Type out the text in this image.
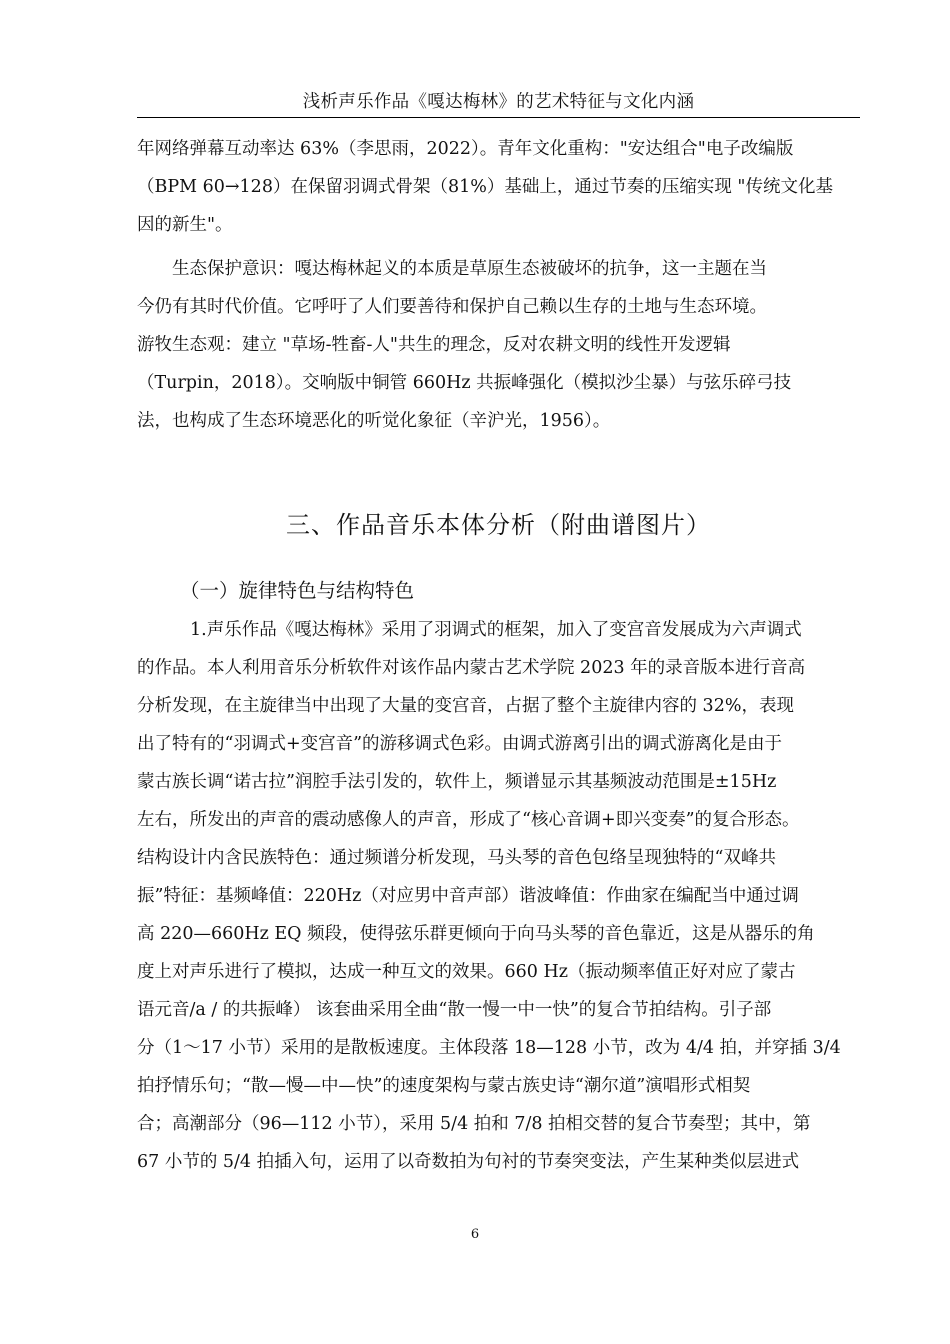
浅析声乐作品《嘎达梅林》的艺术特征与文化内涵
年网络弹幕互动率达 63%（李思雨，2022）。青年文化重构："安达组合"电子改编版
（BPM 60→128）在保留羽调式骨架（81%）基础上，通过节奏的压缩实现 "传统文化基
因的新生"。
生态保护意识：嘎达梅林起义的本质是草原生态被破坏的抗争，这一主题在当
今仍有其时代价值。它呼吁了人们要善待和保护自己赖以生存的土地与生态环境。
游牧生态观：建立 "草场-牲畜-人"共生的理念，反对农耕文明的线性开发逻辑
（Turpin，2018）。交响版中铜管 660Hz 共振峰强化（模拟沙尘暴）与弦乐碎弓技
法，也构成了生态环境恶化的听觉化象征（辛沪光，1956）。
三、作品音乐本体分析（附曲谱图片）
（一）旋律特色与结构特色
1.声乐作品《嘎达梅林》采用了羽调式的框架，加入了变宫音发展成为六声调式
的作品。本人利用音乐分析软件对该作品内蒙古艺术学院 2023 年的录音版本进行音高
分析发现，在主旋律当中出现了大量的变宫音，占据了整个主旋律内容的 32%，表现
出了特有的“羽调式+变宫音”的游移调式色彩。由调式游离引出的调式游离化是由于
蒙古族长调“诺古拉”润腔手法引发的，软件上，频谱显示其基频波动范围是±15Hz
左右，所发出的声音的震动感像人的声音，形成了“核心音调+即兴变奏”的复合形态。
结构设计内含民族特色：通过频谱分析发现，马头琴的音色包络呈现独特的“双峰共
振”特征：基频峰值：220Hz（对应男中音声部）谐波峰值：作曲家在编配当中通过调
高 220—660Hz EQ 频段，使得弦乐群更倾向于向马头琴的音色靠近，这是从器乐的角
度上对声乐进行了模拟，达成一种互文的效果。660 Hz（振动频率值正好对应了蒙古
语元音/a / 的共振峰） 该套曲采用全曲“散一慢一中一快”的复合节拍结构。引子部
分（1～17 小节）采用的是散板速度。主体段落 18—128 小节，改为 4/4 拍，并穿插 3/4
拍抒情乐句；“散—慢—中—快”的速度架构与蒙古族史诗“潮尔道”演唱形式相契
合；高潮部分（96—112 小节），采用 5/4 拍和 7/8 拍相交替的复合节奏型；其中，第
67 小节的 5/4 拍插入句，运用了以奇数拍为句衬的节奏突变法，产生某种类似层进式
6
